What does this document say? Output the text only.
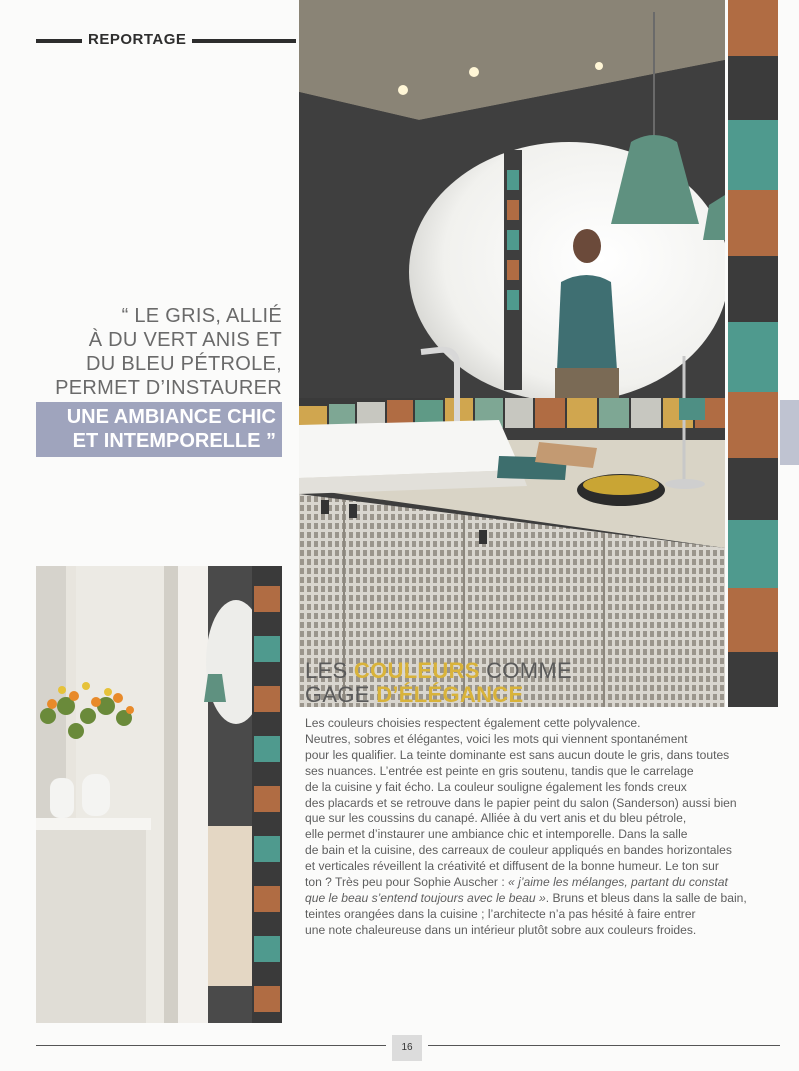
REPORTAGE
“ LE GRIS, ALLIÉ
À DU VERT ANIS ET
DU BLEU PÉTROLE,
PERMET D’INSTAURER
UNE AMBIANCE CHIC
ET INTEMPORELLE ”
LES COULEURS COMME
GAGE D’ÉLÉGANCE
Les couleurs choisies respectent également cette polyvalence.
Neutres, sobres et élégantes, voici les mots qui viennent spontanément
pour les qualifier. La teinte dominante est sans aucun doute le gris, dans toutes
ses nuances. L’entrée est peinte en gris soutenu, tandis que le carrelage
de la cuisine y fait écho. La couleur souligne également les fonds creux
des placards et se retrouve dans le papier peint du salon (Sanderson) aussi bien
que sur les coussins du canapé. Alliée à du vert anis et du bleu pétrole,
elle permet d’instaurer une ambiance chic et intemporelle. Dans la salle
de bain et la cuisine, des carreaux de couleur appliqués en bandes horizontales
et verticales réveillent la créativité et diffusent de la bonne humeur. Le ton sur
ton ? Très peu pour Sophie Auscher : « j’aime les mélanges, partant du constat
que le beau s’entend toujours avec le beau ». Bruns et bleus dans la salle de bain,
teintes orangées dans la cuisine ; l’architecte n’a pas hésité à faire entrer
une note chaleureuse dans un intérieur plutôt sobre aux couleurs froides.
16
